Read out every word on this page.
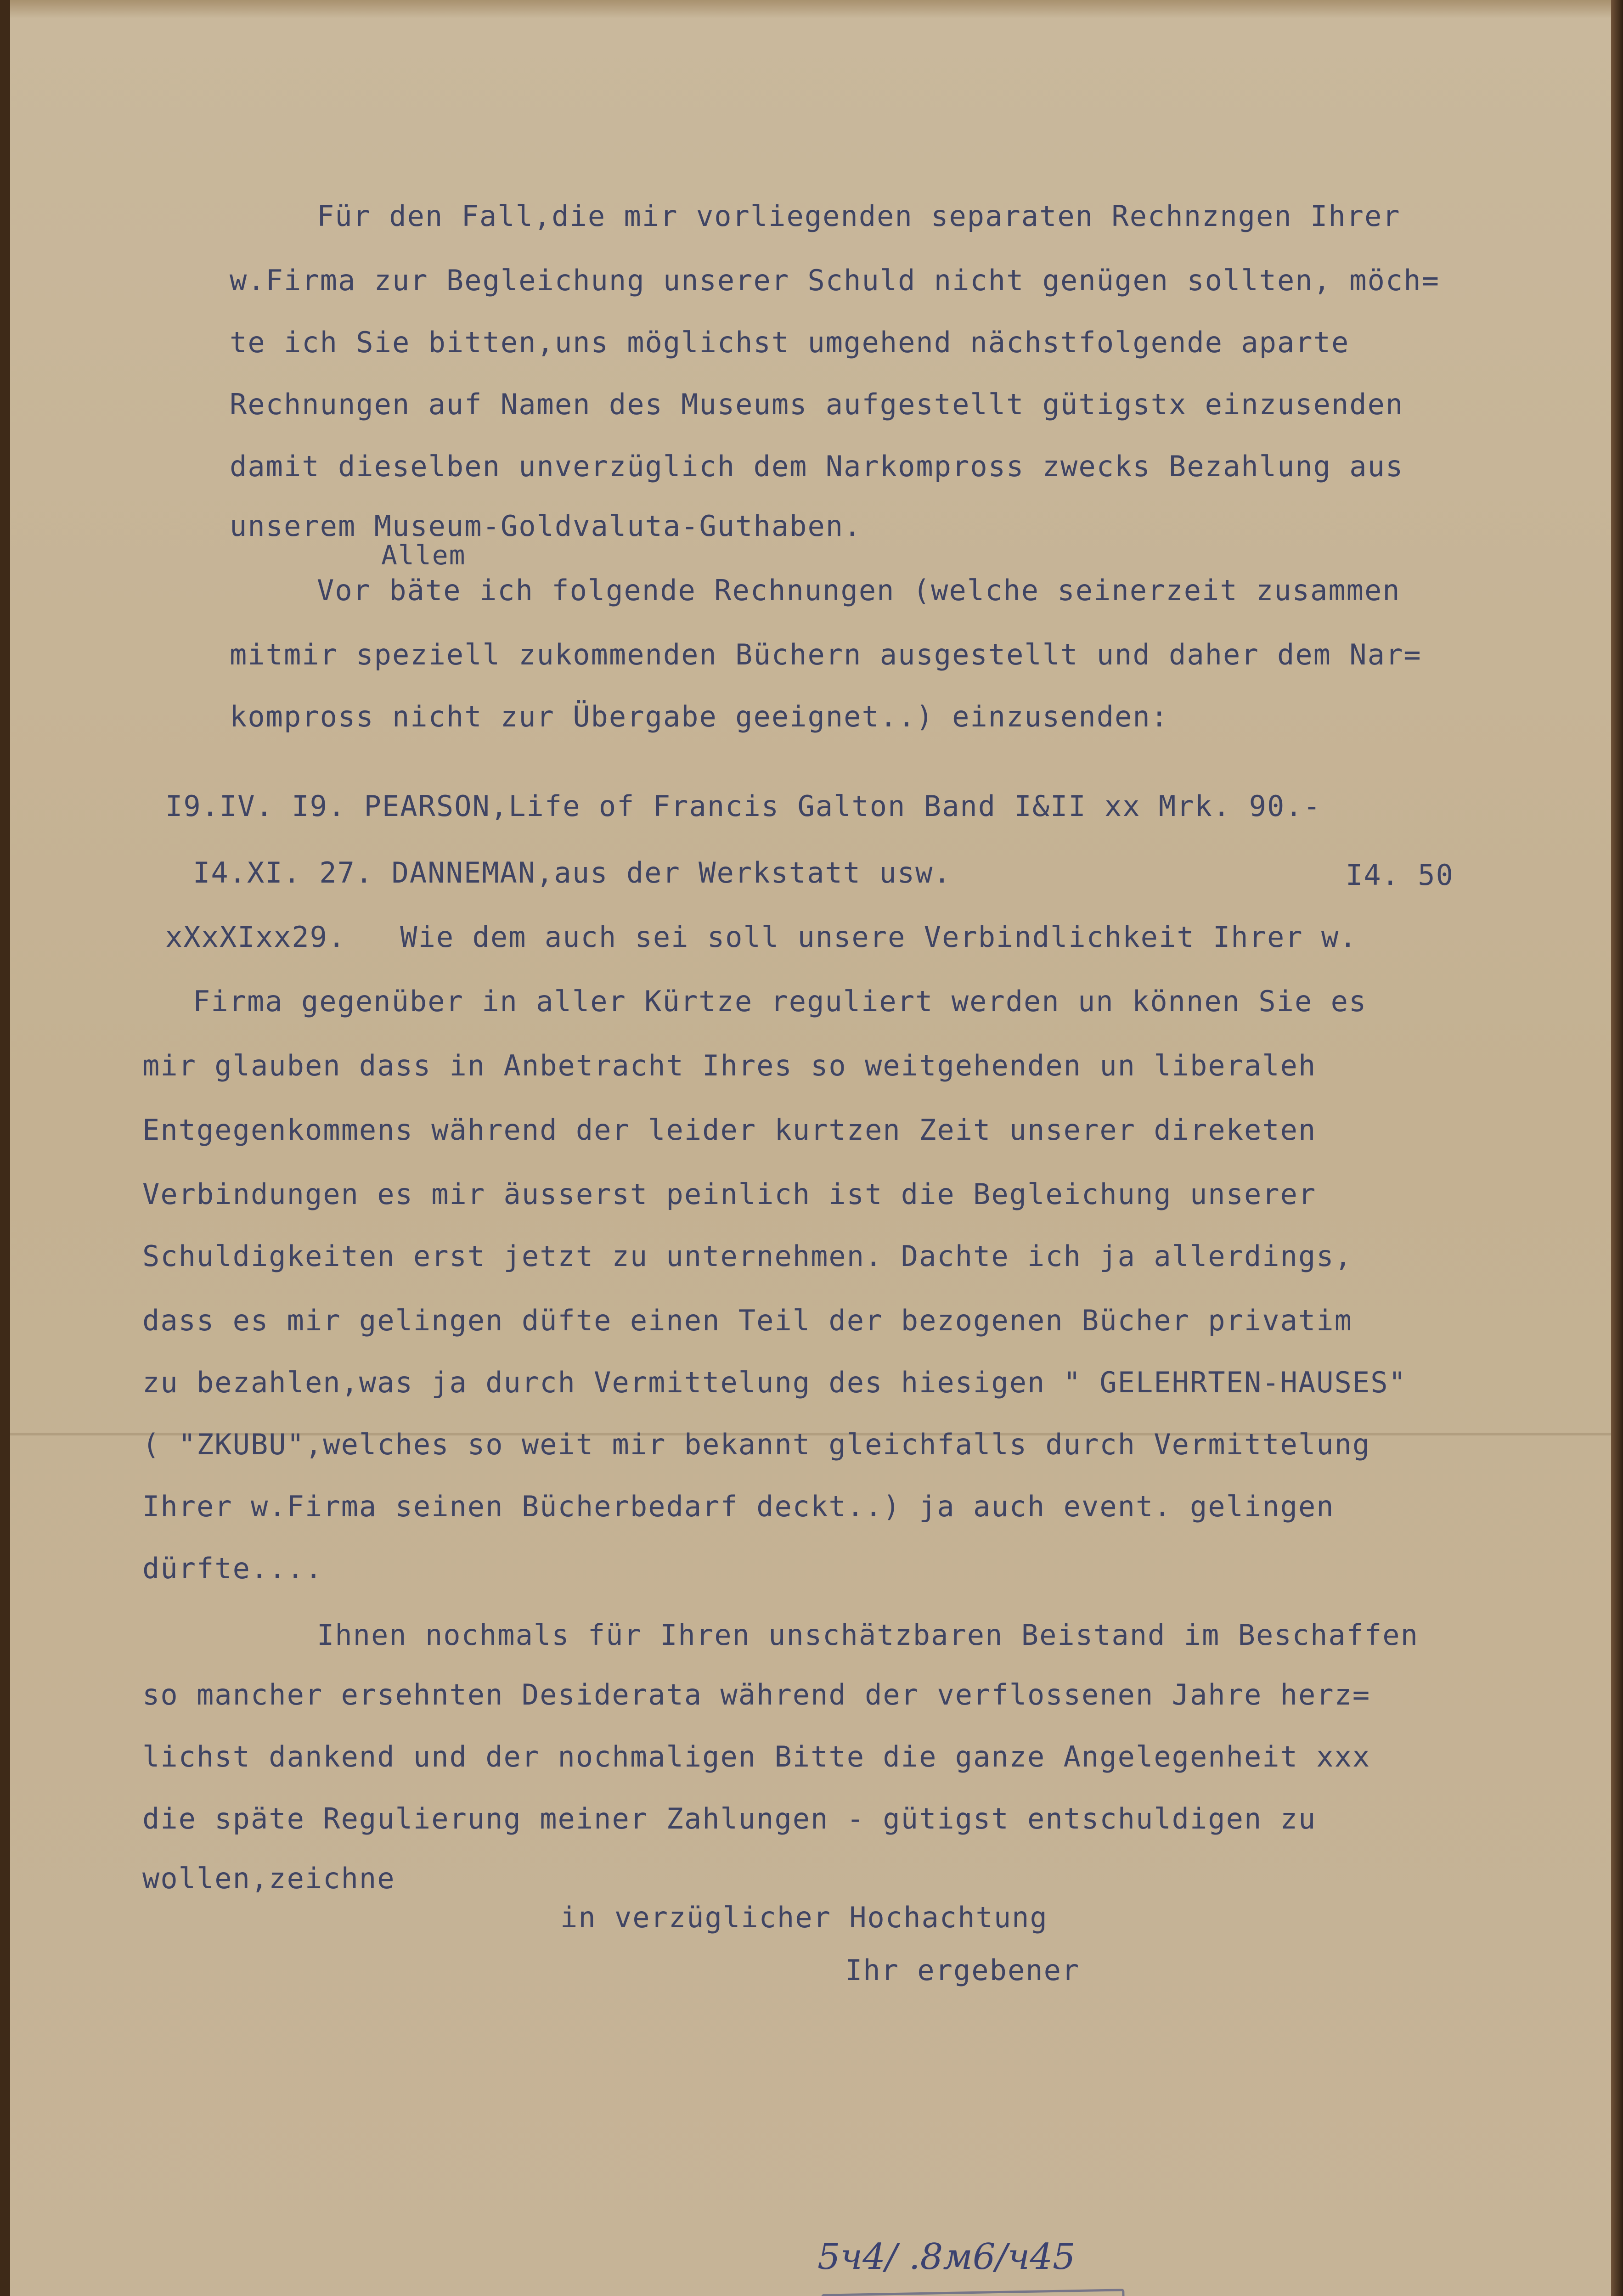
Für den Fall,die mir vorliegenden separaten Rechnzngen Ihrer
w.Firma zur Begleichung unserer Schuld nicht genügen sollten, möch=
te ich Sie bitten,uns möglichst umgehend nächstfolgende aparte
Rechnungen auf Namen des Museums aufgestellt gütigstx einzusenden
damit dieselben unverzüglich dem Narkompross zwecks Bezahlung aus
unserem Museum-Goldvaluta-Guthaben.
Allem
Vor bäte ich folgende Rechnungen (welche seinerzeit zusammen
mitmir speziell zukommenden Büchern ausgestellt und daher dem Nar=
kompross nicht zur Übergabe geeignet..) einzusenden:
I9.IV. I9. PEARSON,Life of Francis Galton Band I&II xx Mrk. 90.-
I4.XI. 27. DANNEMAN,aus der Werkstatt usw.	I4. 50
xXxXIxx29.   Wie dem auch sei soll unsere Verbindlichkeit Ihrer w.
Firma gegenüber in aller Kürtze reguliert werden un können Sie es
mir glauben dass in Anbetracht Ihres so weitgehenden un liberaleh
Entgegenkommens während der leider kurtzen Zeit unserer direketen
Verbindungen es mir äusserst peinlich ist die Begleichung unserer
Schuldigkeiten erst jetzt zu unternehmen. Dachte ich ja allerdings,
dass es mir gelingen düfte einen Teil der bezogenen Bücher privatim
zu bezahlen,was ja durch Vermittelung des hiesigen " GELEHRTEN-HAUSES"
( "ZKUBU",welches so weit mir bekannt gleichfalls durch Vermittelung
Ihrer w.Firma seinen Bücherbedarf deckt..) ja auch event. gelingen
dürfte....
Ihnen nochmals für Ihren unschätzbaren Beistand im Beschaffen
so mancher ersehnten Desiderata während der verflossenen Jahre herz=
lichst dankend und der nochmaligen Bitte die ganze Angelegenheit xxx
die späte Regulierung meiner Zahlungen - gütigst entschuldigen zu
wollen,zeichne
in verzüglicher Hochachtung
Ihr ergebener
5ч4/ .8м6/ч45
